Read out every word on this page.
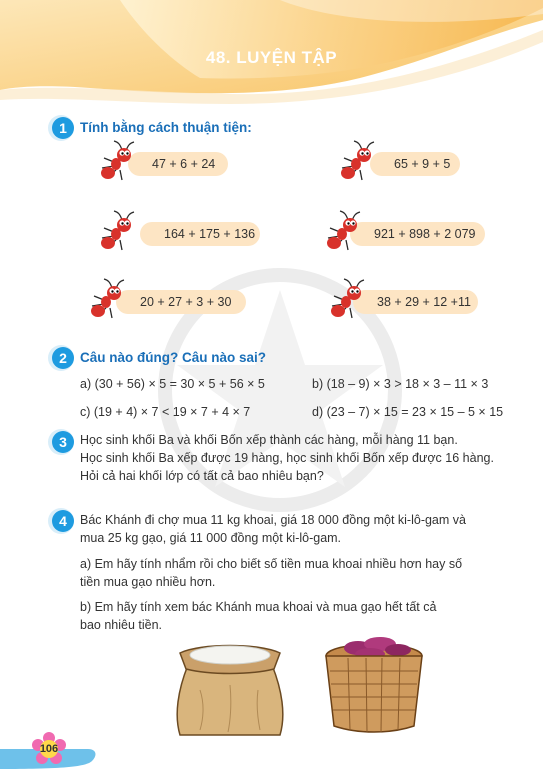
48. LUYỆN TẬP
1 Tính bằng cách thuận tiện:
47 + 6 + 24	65 + 9 + 5
164 + 175 + 136	921 + 898 + 2 079
20 + 27 + 3 + 30	38 + 29 + 12 +11
2 Câu nào đúng? Câu nào sai?
a) (30 + 56) × 5 = 30 × 5 + 56 × 5	b) (18 – 9) × 3 > 18 × 3 – 11 × 3
c) (19 + 4) × 7 < 19 × 7 + 4 × 7	d) (23 – 7) × 15 = 23 × 15 – 5 × 15
3	Học sinh khối Ba và khối Bốn xếp thành các hàng, mỗi hàng 11 bạn.
Học sinh khối Ba xếp được 19 hàng, học sinh khối Bốn xếp được 16 hàng.
Hỏi cả hai khối lớp có tất cả bao nhiêu bạn?
4	Bác Khánh đi chợ mua 11 kg khoai, giá 18 000 đồng một ki-lô-gam và
mua 25 kg gạo, giá 11 000 đồng một ki-lô-gam.
a) Em hãy tính nhẩm rồi cho biết số tiền mua khoai nhiều hơn hay số
tiền mua gạo nhiều hơn.
b) Em hãy tính xem bác Khánh mua khoai và mua gạo hết tất cả
bao nhiêu tiền.
106
